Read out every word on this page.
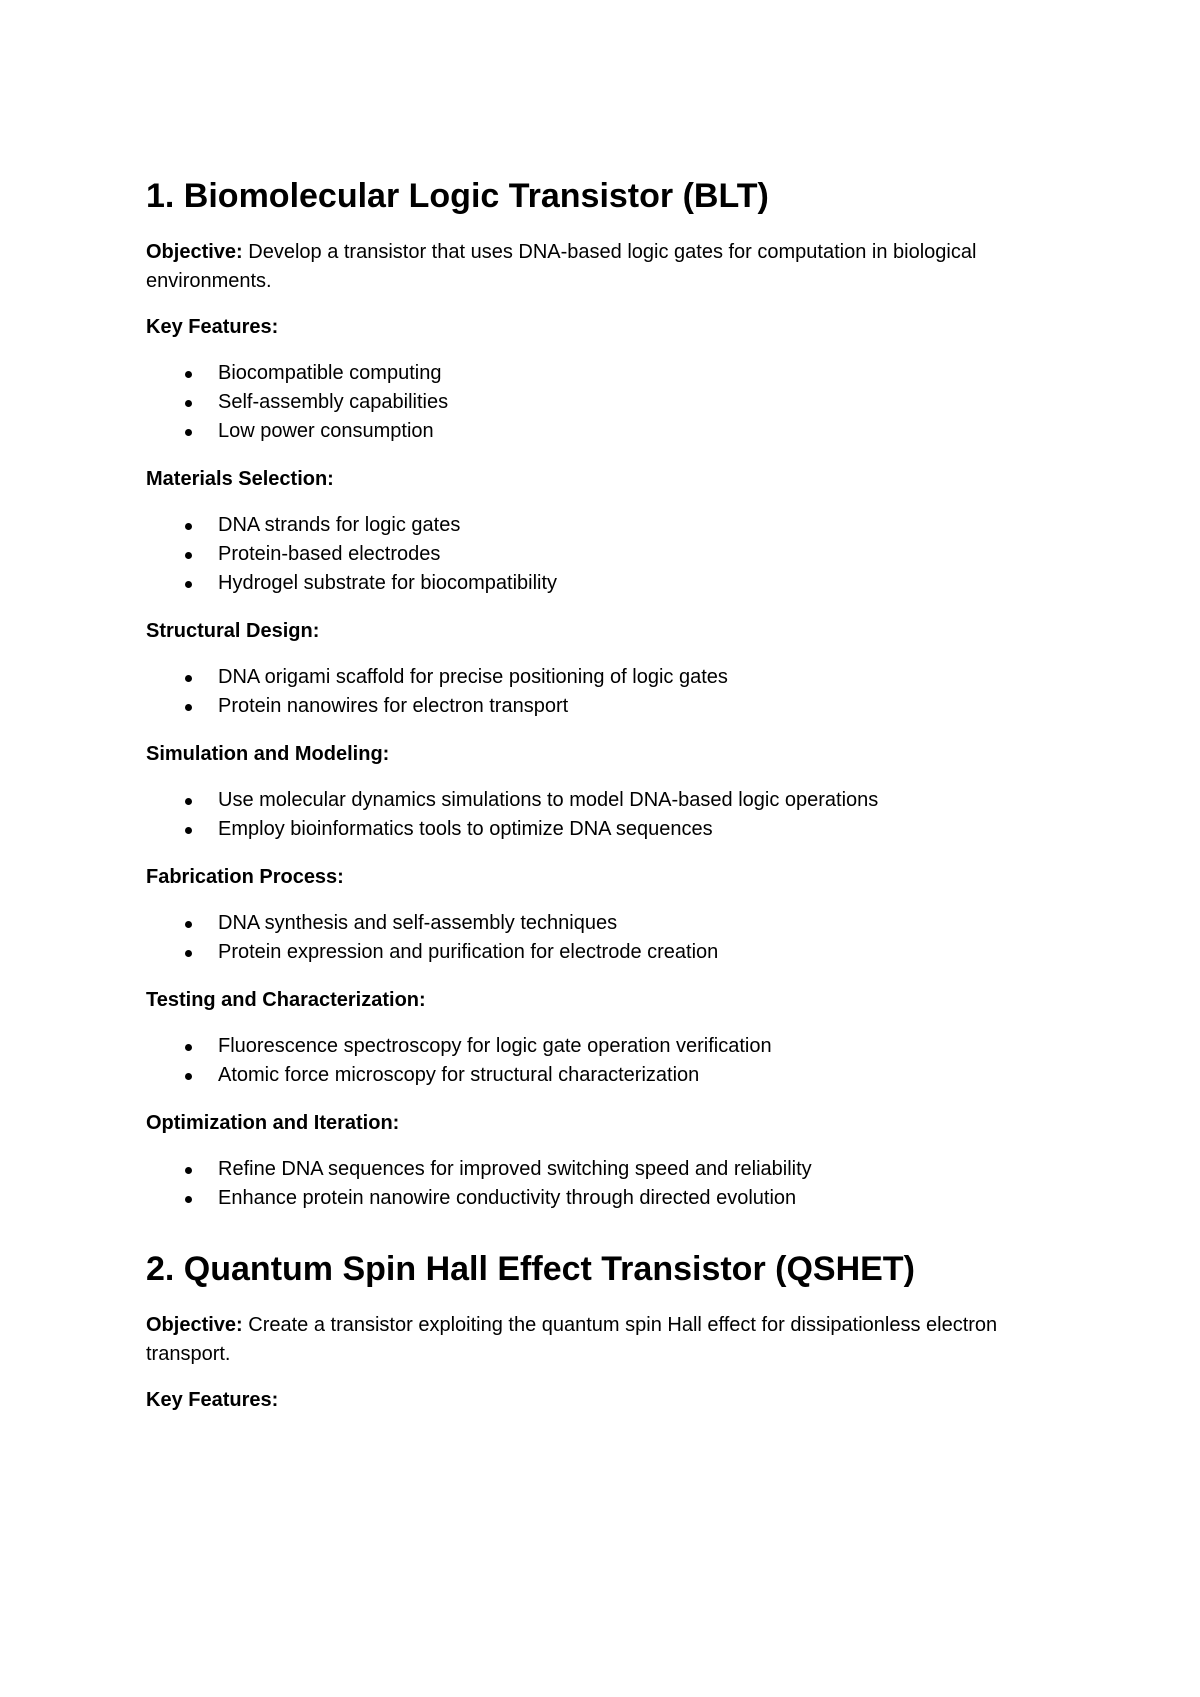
1. Biomolecular Logic Transistor (BLT)

Objective: Develop a transistor that uses DNA-based logic gates for computation in biological environments.

Key Features:

Biocompatible computing
Self-assembly capabilities
Low power consumption

Materials Selection:

DNA strands for logic gates
Protein-based electrodes
Hydrogel substrate for biocompatibility

Structural Design:

DNA origami scaffold for precise positioning of logic gates
Protein nanowires for electron transport

Simulation and Modeling:

Use molecular dynamics simulations to model DNA-based logic operations
Employ bioinformatics tools to optimize DNA sequences

Fabrication Process:

DNA synthesis and self-assembly techniques
Protein expression and purification for electrode creation

Testing and Characterization:

Fluorescence spectroscopy for logic gate operation verification
Atomic force microscopy for structural characterization

Optimization and Iteration:

Refine DNA sequences for improved switching speed and reliability
Enhance protein nanowire conductivity through directed evolution
2. Quantum Spin Hall Effect Transistor (QSHET)

Objective: Create a transistor exploiting the quantum spin Hall effect for dissipationless electron transport.

Key Features:
